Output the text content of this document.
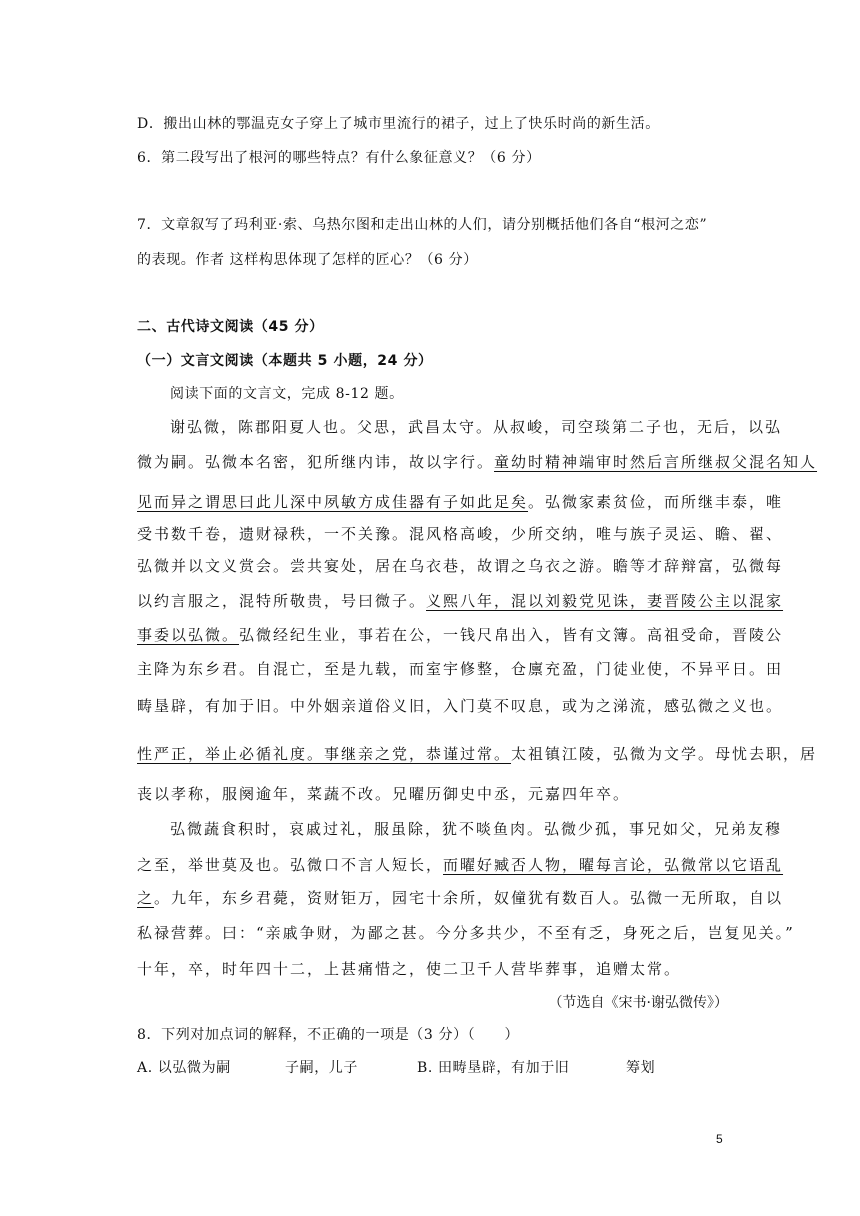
D．搬出山林的鄂温克女子穿上了城市里流行的裙子，过上了快乐时尚的新生活。
6．第二段写出了根河的哪些特点？有什么象征意义？（6 分）
7．文章叙写了玛利亚·索、乌热尔图和走出山林的人们，请分别概括他们各自“根河之恋”
的表现。作者 这样构思体现了怎样的匠心？（6 分）
二、古代诗文阅读（45 分）
（一）文言文阅读（本题共 5 小题，24 分）
阅读下面的文言文，完成 8-12 题。
谢弘微，陈郡阳夏人也。父思，武昌太守。从叔峻，司空琰第二子也，无后，以弘
微为嗣。弘微本名密，犯所继内讳，故以字行。童幼时精神端审时然后言所继叔父混名知人
见而异之谓思曰此儿深中夙敏方成佳器有子如此足矣。弘微家素贫俭，而所继丰泰，唯
受书数千卷，遗财禄秩，一不关豫。混风格高峻，少所交纳，唯与族子灵运、瞻、翟、
弘微并以文义赏会。尝共宴处，居在乌衣巷，故谓之乌衣之游。瞻等才辞辩富，弘微每
以约言服之，混特所敬贵，号曰微子。义熙八年，混以刘毅党见诛，妻晋陵公主以混家
事委以弘微。弘微经纪生业，事若在公，一钱尺帛出入，皆有文簿。高祖受命，晋陵公
主降为东乡君。自混亡，至是九载，而室宇修整，仓廪充盈，门徒业使，不异平日。田
畴垦辟，有加于旧。中外姻亲道俗义旧，入门莫不叹息，或为之涕流，感弘微之义也。
性严正，举止必循礼度。事继亲之党，恭谨过常。太祖镇江陵，弘微为文学。母忧去职，居
丧以孝称，服阕逾年，菜蔬不改。兄曜历御史中丞，元嘉四年卒。
弘微蔬食积时，哀戚过礼，服虽除，犹不啖鱼肉。弘微少孤，事兄如父，兄弟友穆
之至，举世莫及也。弘微口不言人短长，而曜好臧否人物，曜每言论，弘微常以它语乱
之。九年，东乡君薨，资财钜万，园宅十余所，奴僮犹有数百人。弘微一无所取，自以
私禄营葬。曰：“亲戚争财，为鄙之甚。今分多共少，不至有乏，身死之后，岂复见关。”
十年，卒，时年四十二，上甚痛惜之，使二卫千人营毕葬事，追赠太常。
（节选自《宋书·谢弘微传》）
8．下列对加点词的解释，不正确的一项是（3 分）（　　）
A. 以弘微为嗣	子嗣，儿子	B. 田畴垦辟，有加于旧	筹划
5
